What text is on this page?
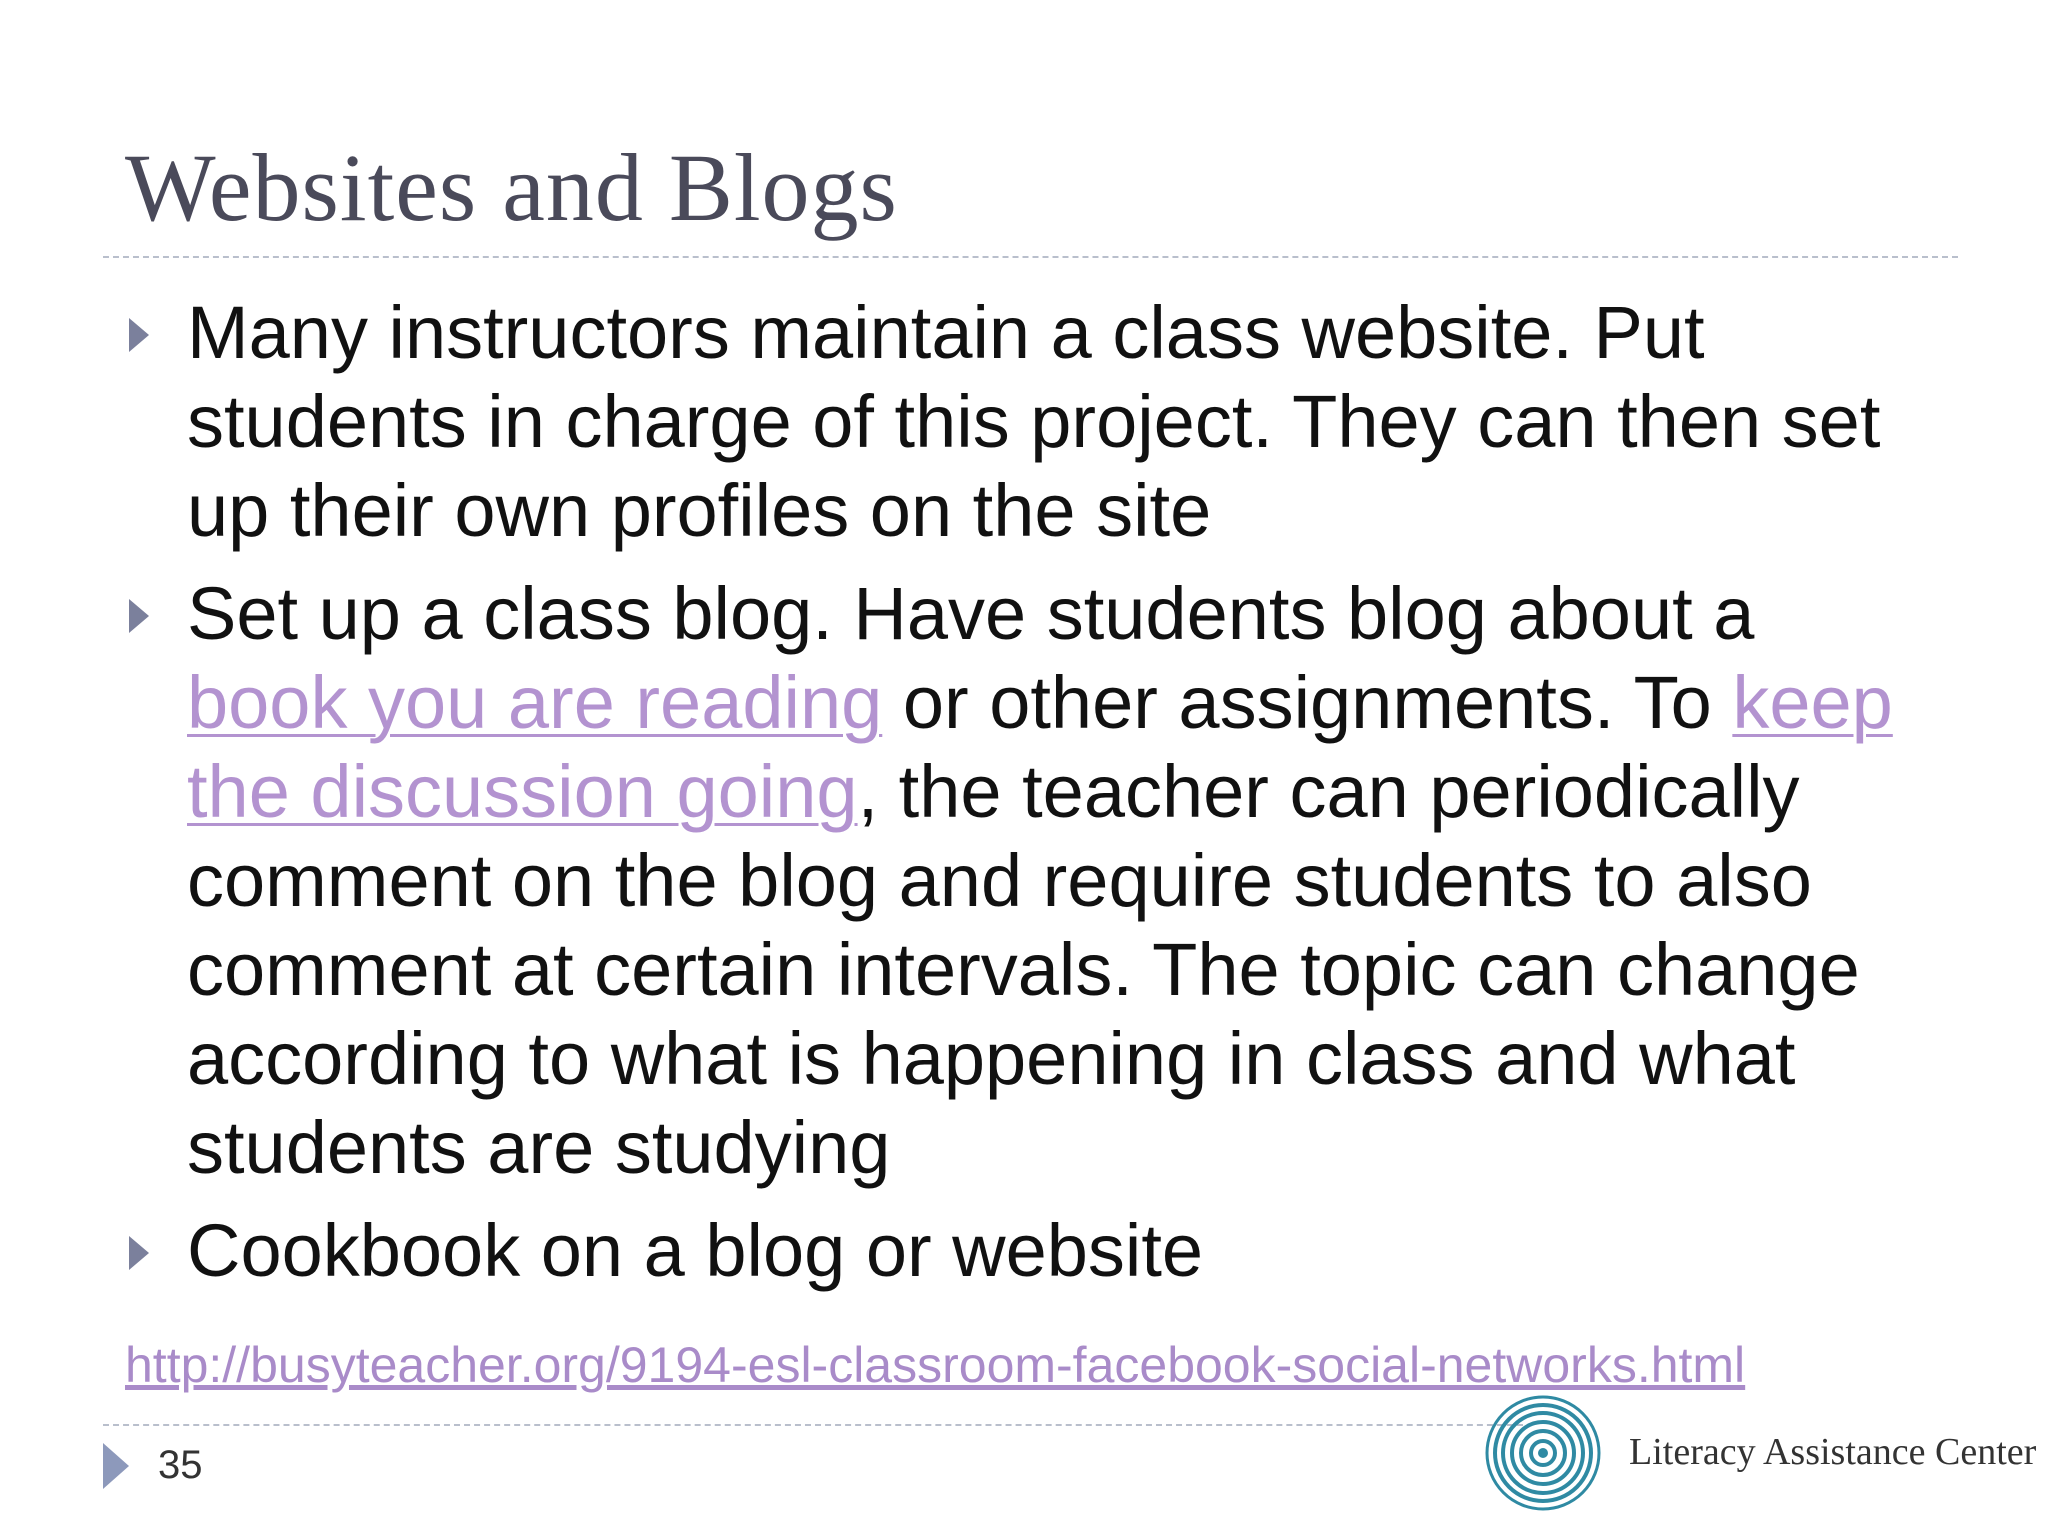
Websites and Blogs
Many instructors maintain a class website. Put students in charge of this project. They can then set up their own profiles on the site
Set up a class blog. Have students blog about a book you are reading or other assignments. To keep the discussion going, the teacher can periodically comment on the blog and require students to also comment at certain intervals. The topic can change according to what is happening in class and what students are studying
Cookbook on a blog or website
http://busyteacher.org/9194-esl-classroom-facebook-social-networks.html
35	Literacy Assistance Center
